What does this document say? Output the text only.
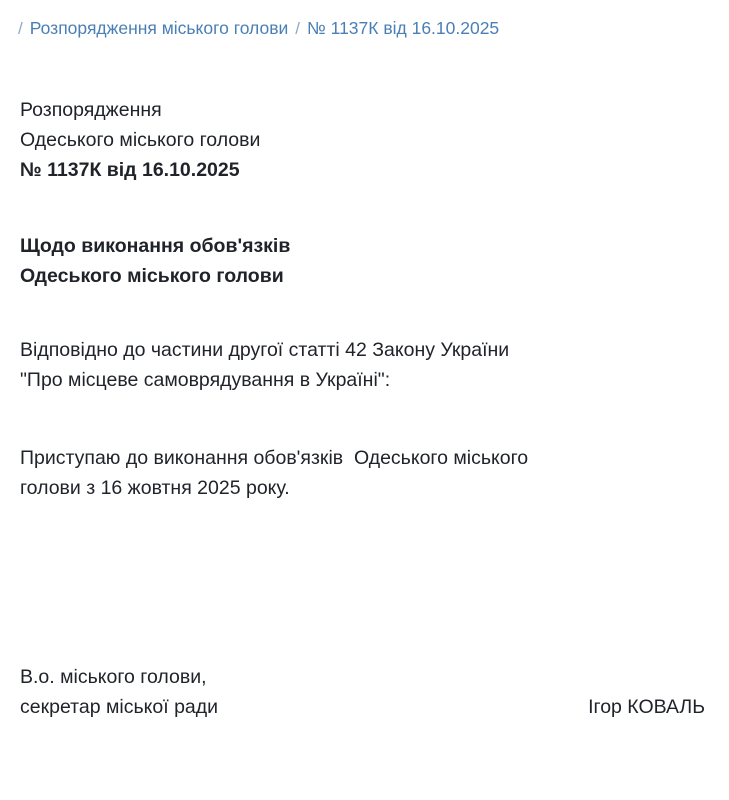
/ Розпорядження міського голови / № 1137К від 16.10.2025
Розпорядження
Одеського міського голови
№ 1137К від 16.10.2025
Щодо виконання обов'язків
Одеського міського голови
Відповідно до частини другої статті 42 Закону України
"Про місцеве самоврядування в Україні":
Приступаю до виконання обов'язків  Одеського міського
голови з 16 жовтня 2025 року.
В.о. міського голови,
секретар міської ради	Ігор КОВАЛЬ
